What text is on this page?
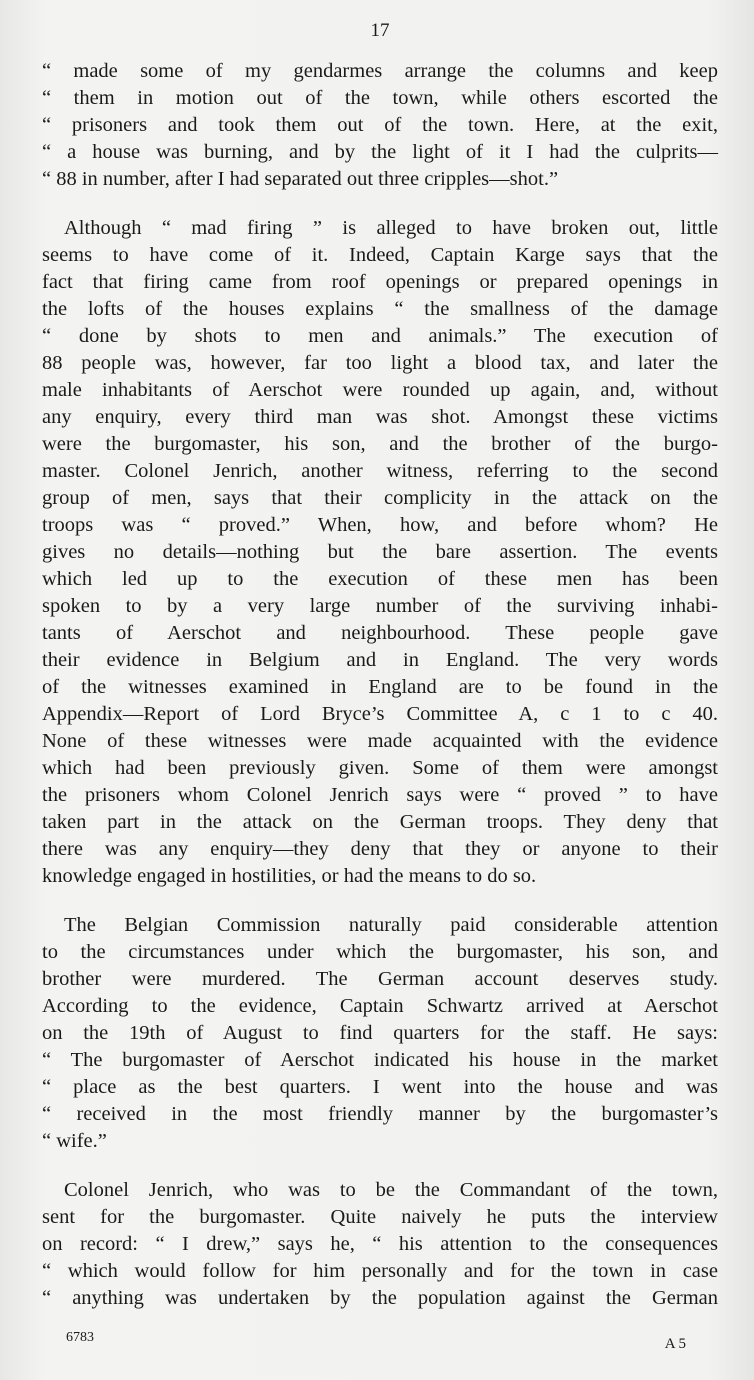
17
“ made some of my gendarmes arrange the columns and keep
“ them in motion out of the town, while others escorted the
“ prisoners and took them out of the town. Here, at the exit,
“ a house was burning, and by the light of it I had the culprits—
“ 88 in number, after I had separated out three cripples—shot.”
Although “ mad firing ” is alleged to have broken out, little
seems to have come of it. Indeed, Captain Karge says that the
fact that firing came from roof openings or prepared openings in
the lofts of the houses explains “ the smallness of the damage
“ done by shots to men and animals.” The execution of
88 people was, however, far too light a blood tax, and later the
male inhabitants of Aerschot were rounded up again, and, without
any enquiry, every third man was shot. Amongst these victims
were the burgomaster, his son, and the brother of the burgo-
master. Colonel Jenrich, another witness, referring to the second
group of men, says that their complicity in the attack on the
troops was “ proved.” When, how, and before whom? He
gives no details—nothing but the bare assertion. The events
which led up to the execution of these men has been
spoken to by a very large number of the surviving inhabi-
tants of Aerschot and neighbourhood. These people gave
their evidence in Belgium and in England. The very words
of the witnesses examined in England are to be found in the
Appendix—Report of Lord Bryce’s Committee A, c 1 to c 40.
None of these witnesses were made acquainted with the evidence
which had been previously given. Some of them were amongst
the prisoners whom Colonel Jenrich says were “ proved ” to have
taken part in the attack on the German troops. They deny that
there was any enquiry—they deny that they or anyone to their
knowledge engaged in hostilities, or had the means to do so.
The Belgian Commission naturally paid considerable attention
to the circumstances under which the burgomaster, his son, and
brother were murdered. The German account deserves study.
According to the evidence, Captain Schwartz arrived at Aerschot
on the 19th of August to find quarters for the staff. He says:
“ The burgomaster of Aerschot indicated his house in the market
“ place as the best quarters. I went into the house and was
“ received in the most friendly manner by the burgomaster’s
“ wife.”
Colonel Jenrich, who was to be the Commandant of the town,
sent for the burgomaster. Quite naively he puts the interview
on record: “ I drew,” says he, “ his attention to the consequences
“ which would follow for him personally and for the town in case
“ anything was undertaken by the population against the German
6783	A 5
